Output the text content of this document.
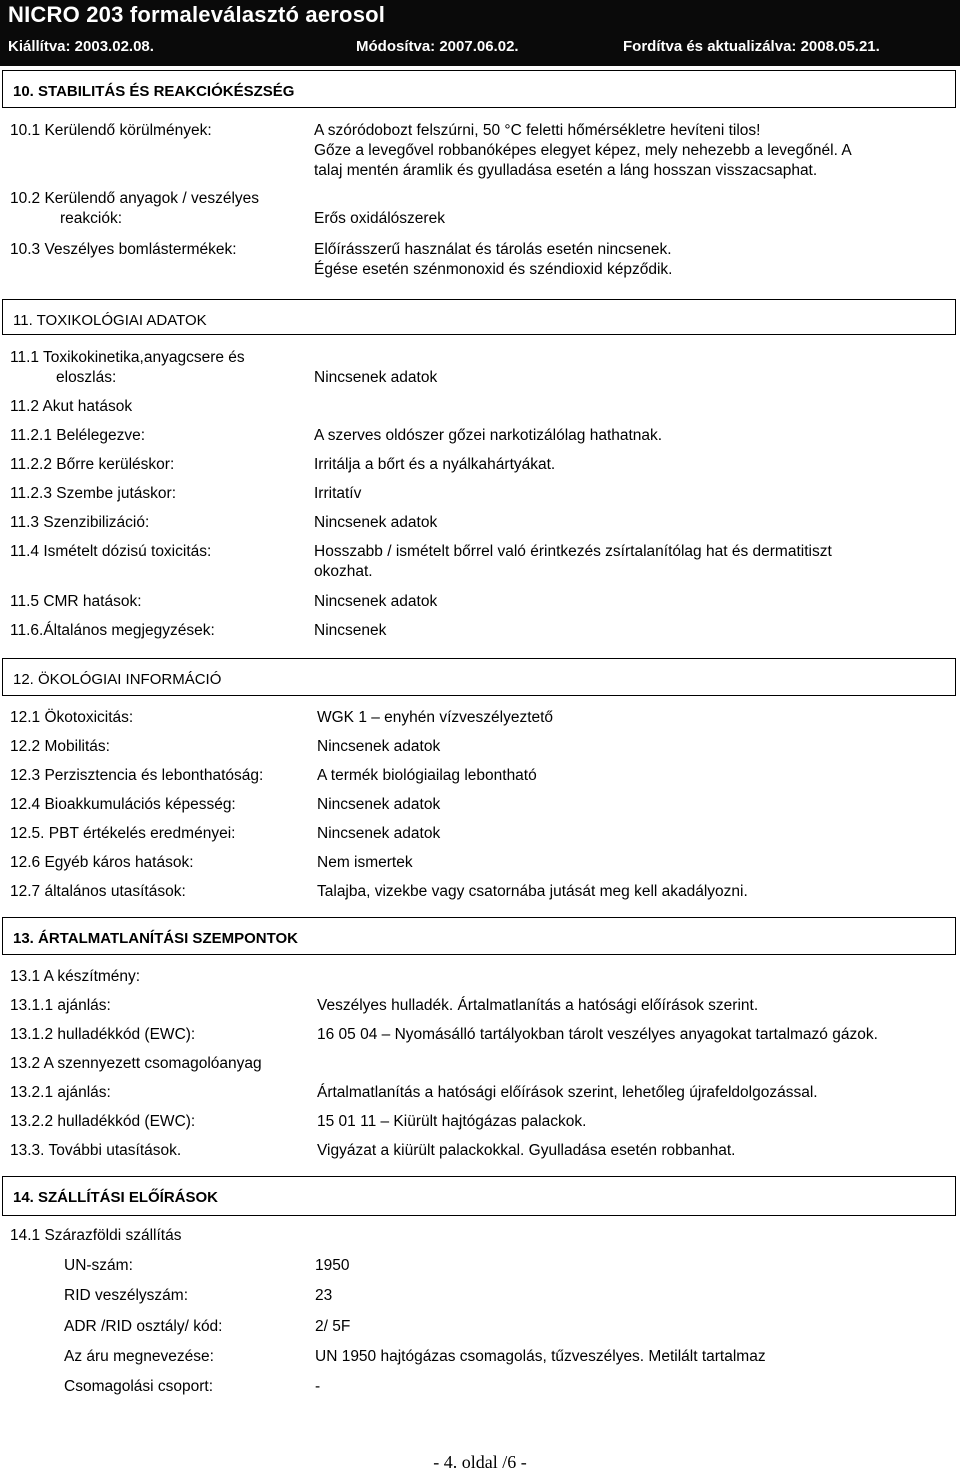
NICRO 203 formaleválasztó aerosol
Kiállítva: 2003.02.08.	Módosítva: 2007.06.02.	Fordítva és aktualizálva: 2008.05.21.
10. STABILITÁS ÉS REAKCIÓKÉSZSÉG
10.1 Kerülendő körülmények:	A szóródobozt felszúrni, 50 °C feletti hőmérsékletre hevíteni tilos!
Gőze a levegővel robbanóképes elegyet képez, mely nehezebb a levegőnél. A
talaj mentén áramlik és gyulladása esetén a láng hosszan visszacsaphat.
10.2 Kerülendő anyagok / veszélyes
reakciók:	Erős oxidálószerek
10.3 Veszélyes bomlástermékek:	Előírásszerű használat és tárolás esetén nincsenek.
Égése esetén szénmonoxid és széndioxid képződik.
11. TOXIKOLÓGIAI ADATOK
11.1 Toxikokinetika,anyagcsere és
eloszlás:	Nincsenek adatok
11.2 Akut hatások
11.2.1 Belélegezve:	A szerves oldószer gőzei narkotizálólag hathatnak.
11.2.2 Bőrre kerüléskor:	Irritálja a bőrt és a nyálkahártyákat.
11.2.3 Szembe jutáskor:	Irritatív
11.3 Szenzibilizáció:	Nincsenek adatok
11.4 Ismételt dózisú toxicitás:	Hosszabb / ismételt bőrrel való érintkezés zsírtalanítólag hat és dermatitiszt
okozhat.
11.5 CMR hatások:	Nincsenek adatok
11.6.Általános megjegyzések:	Nincsenek
12. ÖKOLÓGIAI INFORMÁCIÓ
12.1 Ökotoxicitás:	WGK 1 – enyhén vízveszélyeztető
12.2 Mobilitás:	Nincsenek adatok
12.3 Perzisztencia és lebonthatóság:	A termék biológiailag lebontható
12.4 Bioakkumulációs képesség:	Nincsenek adatok
12.5. PBT értékelés eredményei:	Nincsenek adatok
12.6 Egyéb káros hatások:	Nem ismertek
12.7 általános utasítások:	Talajba, vizekbe vagy csatornába jutását meg kell akadályozni.
13. ÁRTALMATLANÍTÁSI SZEMPONTOK
13.1 A készítmény:
13.1.1 ajánlás:	Veszélyes hulladék. Ártalmatlanítás a hatósági előírások szerint.
13.1.2 hulladékkód (EWC):	16 05 04 – Nyomásálló tartályokban tárolt veszélyes anyagokat tartalmazó gázok.
13.2 A szennyezett csomagolóanyag
13.2.1 ajánlás:	Ártalmatlanítás a hatósági előírások szerint, lehetőleg újrafeldolgozással.
13.2.2 hulladékkód (EWC):	15 01 11 – Kiürült hajtógázas palackok.
13.3. További utasítások.	Vigyázat a kiürült palackokkal. Gyulladása esetén robbanhat.
14. SZÁLLÍTÁSI ELŐÍRÁSOK
14.1 Szárazföldi szállítás
UN-szám:	1950
RID veszélyszám:	23
ADR /RID osztály/ kód:	2/ 5F
Az áru megnevezése:	UN 1950 hajtógázas csomagolás, tűzveszélyes. Metilált tartalmaz
Csomagolási csoport:	-
- 4. oldal /6 -
